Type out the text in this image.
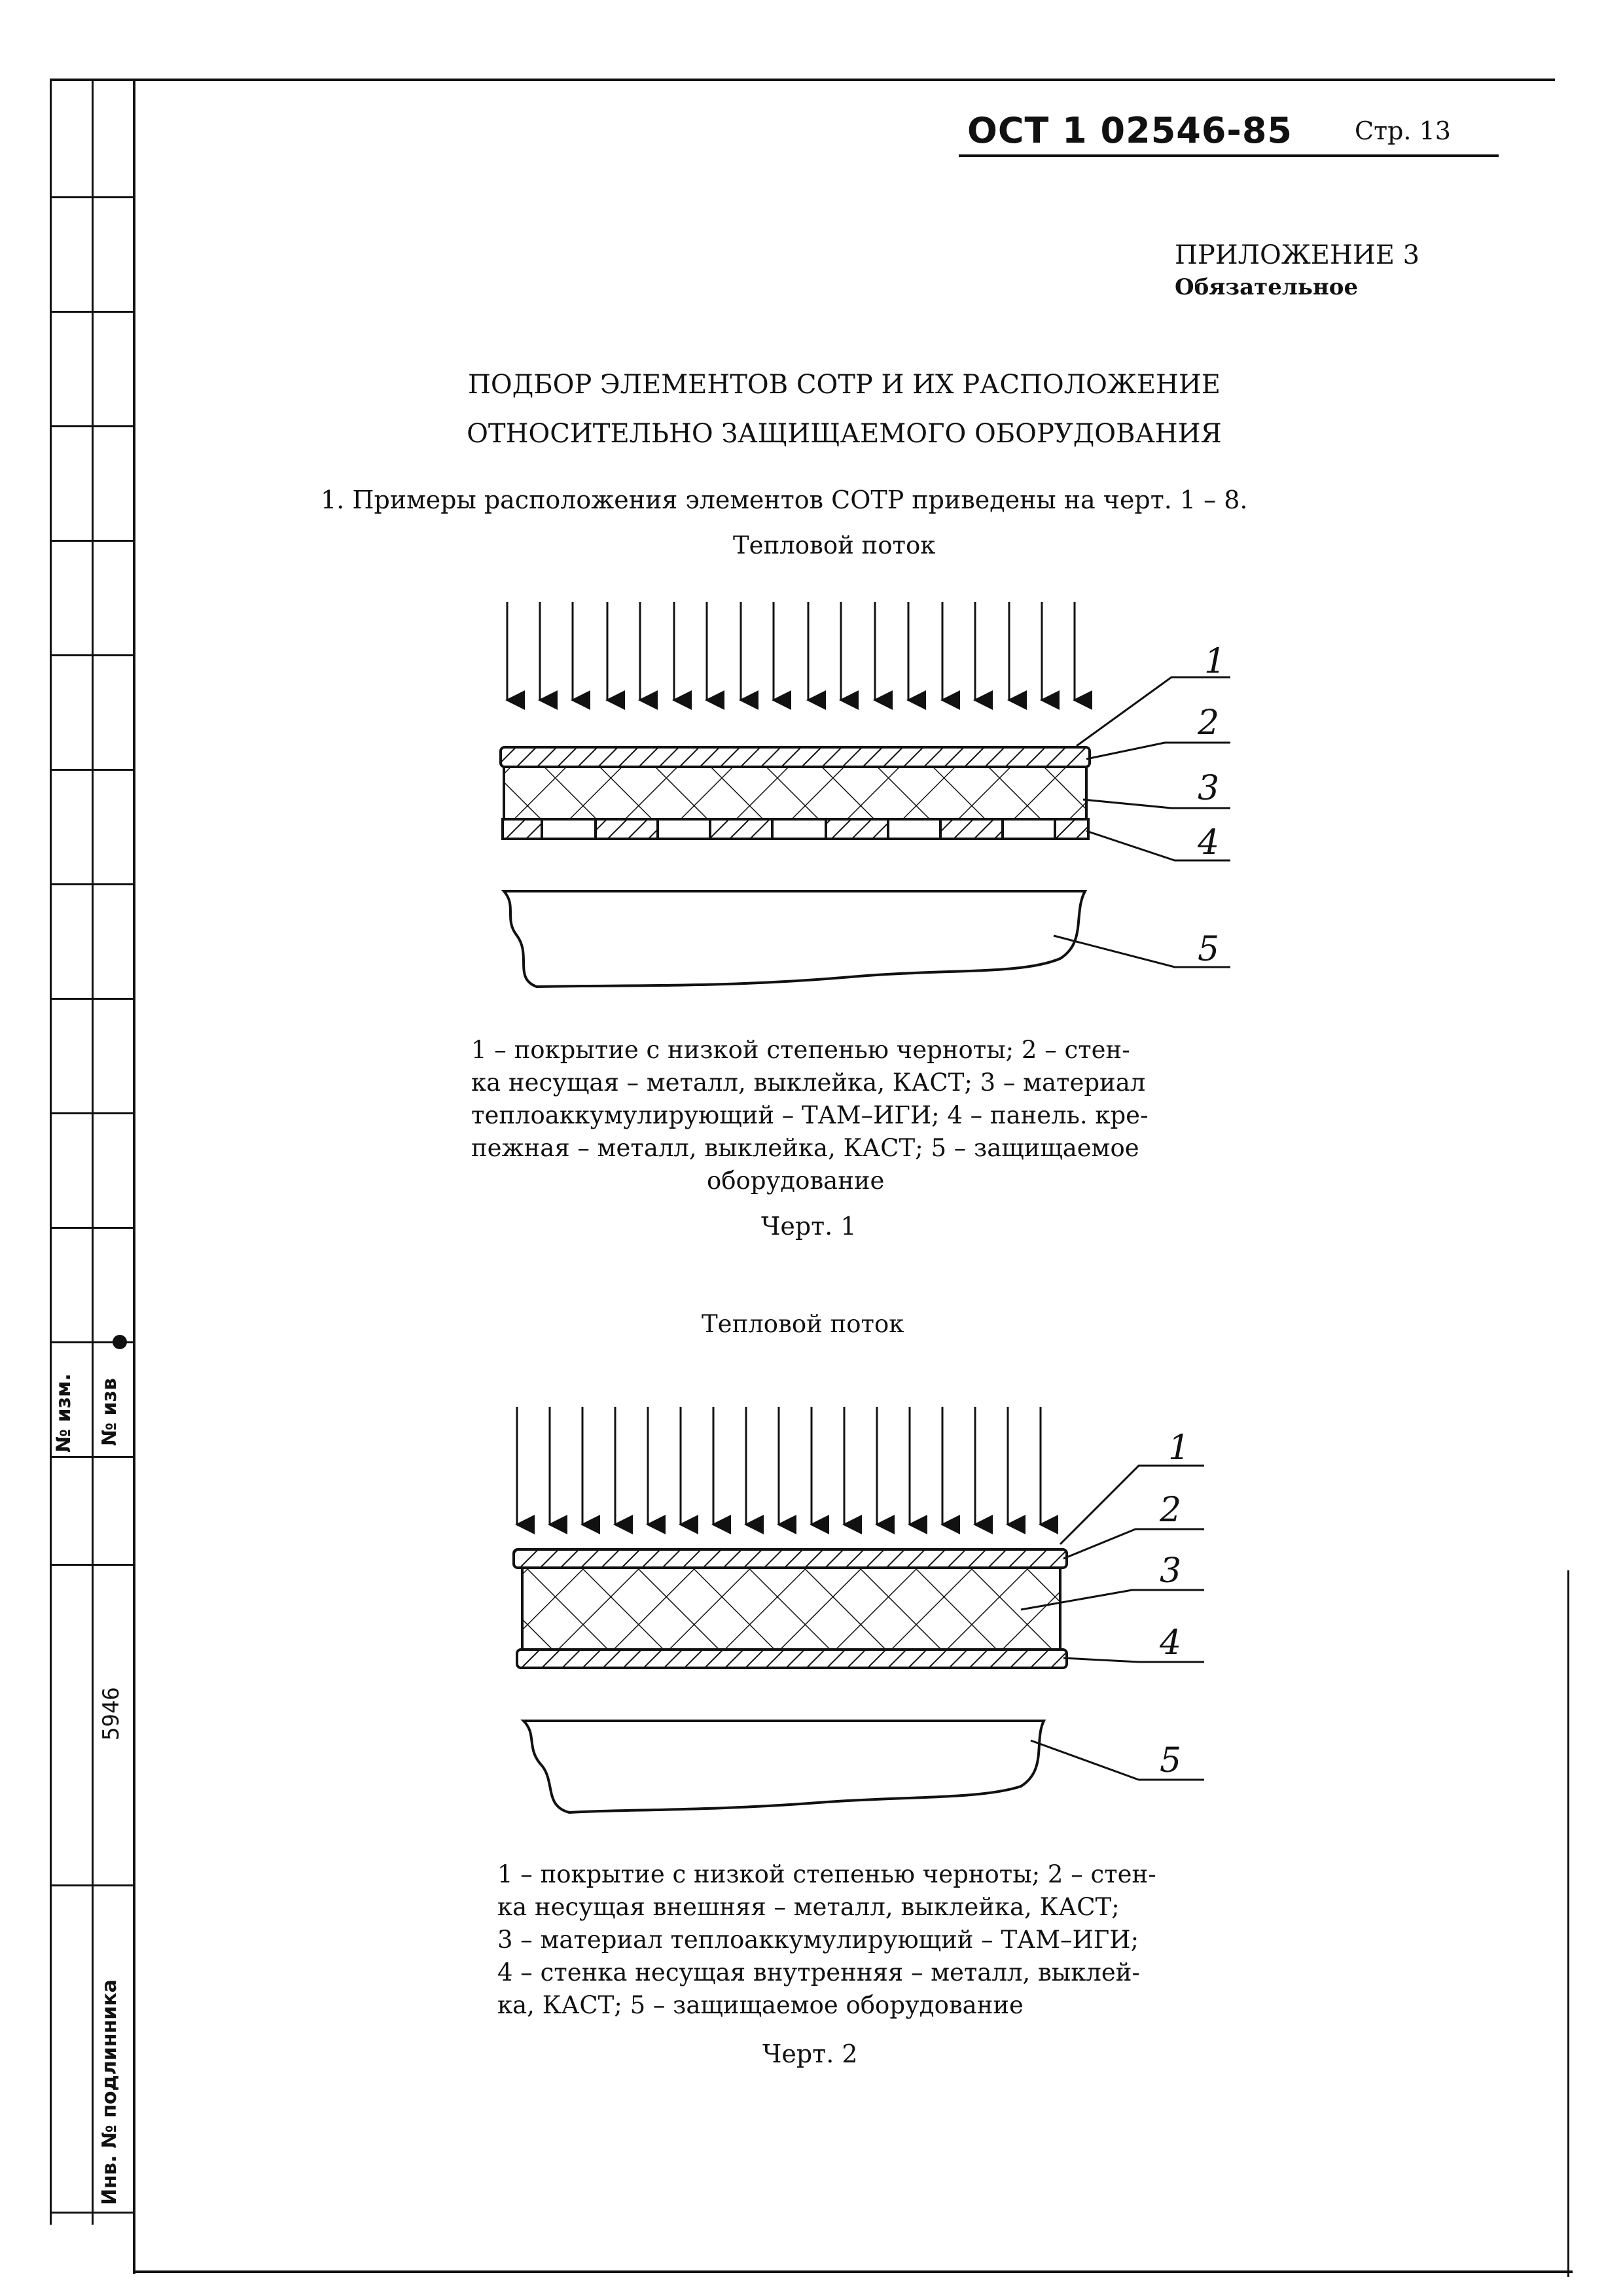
№ изм. № изв
5946
Инв. № подлинника
ОСТ 1 02546-85	Стр. 13
ПРИЛОЖЕНИЕ 3
Обязательное
ПОДБОР ЭЛЕМЕНТОВ СОТР И ИХ РАСПОЛОЖЕНИЕ
ОТНОСИТЕЛЬНО ЗАЩИЩАЕМОГО ОБОРУДОВАНИЯ
1. Примеры расположения элементов СОТР приведены на черт. 1 – 8.
Тепловой поток
1
2
3
4
5
1 – покрытие с низкой степенью черноты; 2 – стен-
ка несущая – металл, выклейка, КАСТ; 3 – материал
теплоаккумулирующий – ТАМ–ИГИ; 4 – панель. кре-
пежная – металл, выклейка, КАСТ; 5 – защищаемое
оборудование
Черт. 1
Тепловой поток
1
2
3
4
5
1 – покрытие с низкой степенью черноты; 2 – стен-
ка несущая внешняя – металл, выклейка, КАСТ;
3 – материал теплоаккумулирующий – ТАМ–ИГИ;
4 – стенка несущая внутренняя – металл, выклей-
ка, КАСТ; 5 – защищаемое оборудование
Черт. 2
